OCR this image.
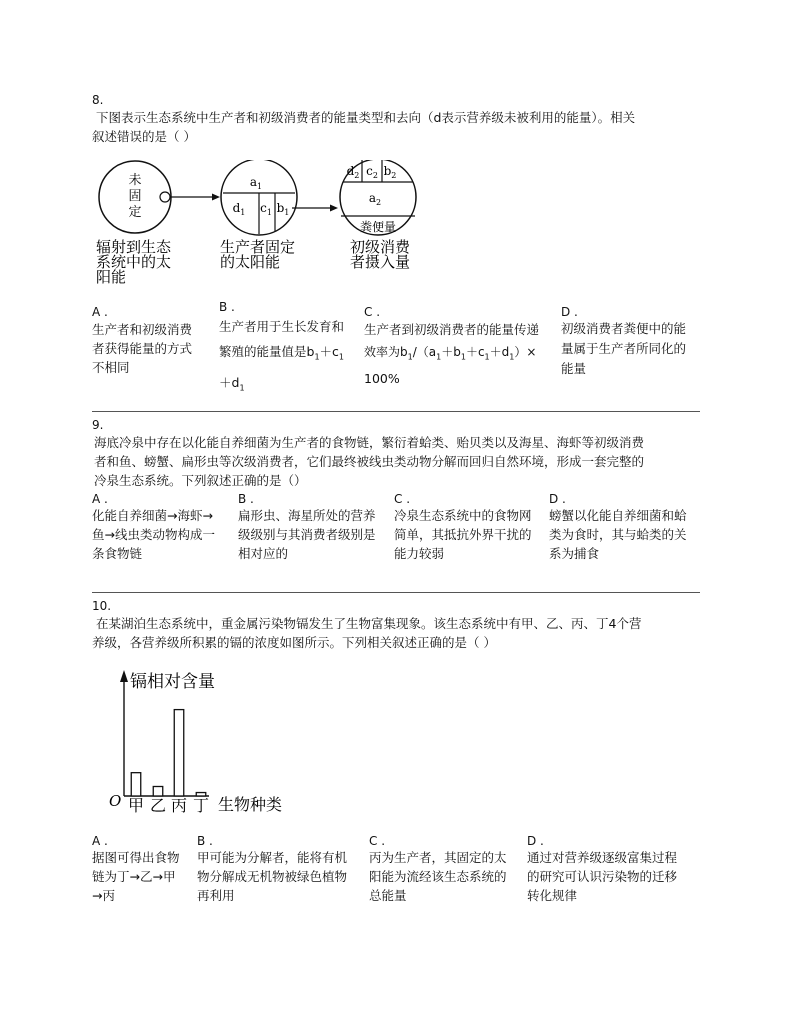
8.
下图表示生态系统中生产者和初级消费者的能量类型和去向（d表示营养级未被利用的能量）。相关
叙述错误的是（ ）
未
固
定
$a_1$
$d_1$ $c_1$ $b_1$
$d_2$ $c_2$ $b_2$
$a_2$
粪便量
辐射到生态
系统中的太
阳能
生产者固定
的太阳能
初级消费
者摄入量
A .
生产者和初级消费
者获得能量的方式
不相同
B .
生产者用于生长发育和
繁殖的能量值是$b_1+c_1$
$+d_1$
C .
生产者到初级消费者的能量传递
效率为$b_1/(a_1+b_1+c_1+d_1)\times$
100%
D .
初级消费者粪便中的能
量属于生产者所同化的
能量
9.
海底冷泉中存在以化能自养细菌为生产者的食物链，繁衍着蛤类、贻贝类以及海星、海虾等初级消费
者和鱼、螃蟹、扁形虫等次级消费者，它们最终被线虫类动物分解而回归自然环境，形成一套完整的
冷泉生态系统。下列叙述正确的是（）
A .
化能自养细菌→海虾→
鱼→线虫类动物构成一
条食物链
B .
扁形虫、海星所处的营养
级级别与其消费者级别是
相对应的
C .
冷泉生态系统中的食物网
简单，其抵抗外界干扰的
能力较弱
D .
螃蟹以化能自养细菌和蛤
类为食时，其与蛤类的关
系为捕食
10.
在某湖泊生态系统中，重金属污染物镉发生了生物富集现象。该生态系统中有甲、乙、丙、丁4个营
养级，各营养级所积累的镉的浓度如图所示。下列相关叙述正确的是（ ）
镉相对含量
O	生物种类
甲 乙 丙 丁
A .
据图可得出食物
链为丁→乙→甲
→丙
B .
甲可能为分解者，能将有机
物分解成无机物被绿色植物
再利用
C .
丙为生产者，其固定的太
阳能为流经该生态系统的
总能量
D .
通过对营养级逐级富集过程
的研究可认识污染物的迁移
转化规律
